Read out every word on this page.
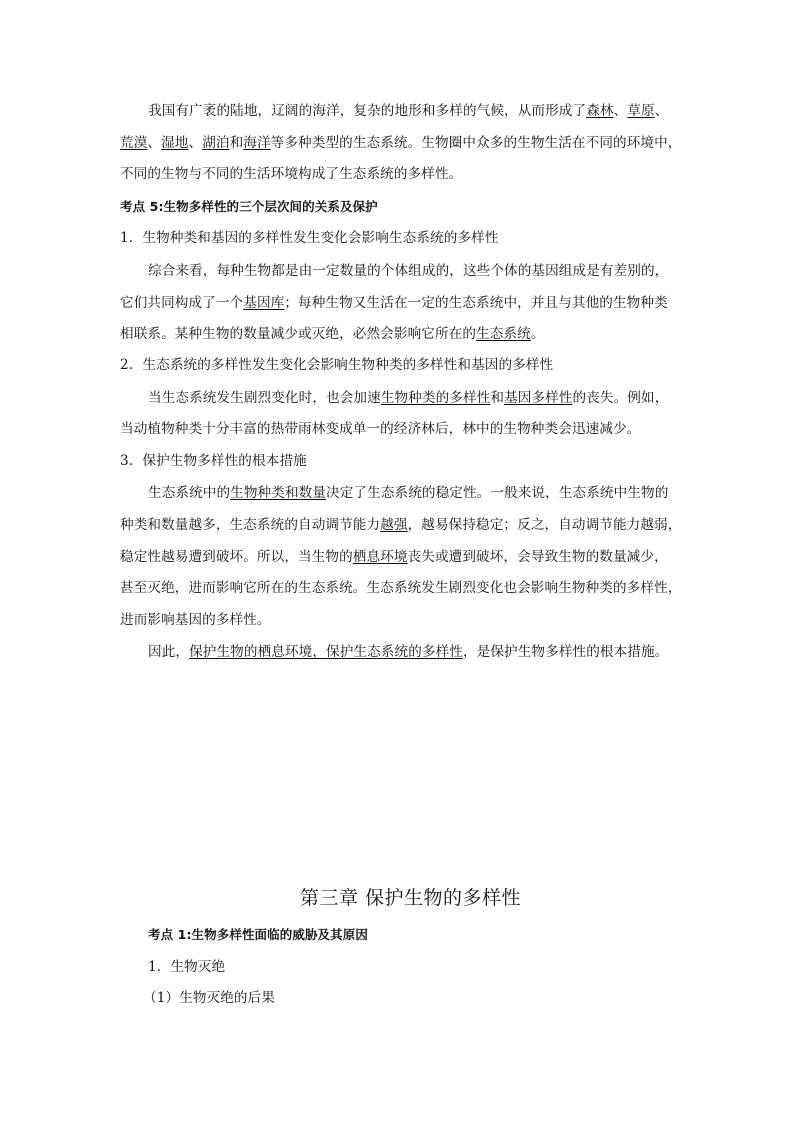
我国有广袤的陆地，辽阔的海洋，复杂的地形和多样的气候，从而形成了森林、草原、
荒漠、湿地、湖泊和海洋等多种类型的生态系统。生物圈中众多的生物生活在不同的环境中，
不同的生物与不同的生活环境构成了生态系统的多样性。
考点 5:生物多样性的三个层次间的关系及保护
1．生物种类和基因的多样性发生变化会影响生态系统的多样性
综合来看，每种生物都是由一定数量的个体组成的，这些个体的基因组成是有差别的，
它们共同构成了一个基因库；每种生物又生活在一定的生态系统中，并且与其他的生物种类
相联系。某种生物的数量减少或灭绝，必然会影响它所在的生态系统。
2．生态系统的多样性发生变化会影响生物种类的多样性和基因的多样性
当生态系统发生剧烈变化时，也会加速生物种类的多样性和基因多样性的丧失。例如，
当动植物种类十分丰富的热带雨林变成单一的经济林后，林中的生物种类会迅速减少。
3．保护生物多样性的根本措施
生态系统中的生物种类和数量决定了生态系统的稳定性。一般来说，生态系统中生物的
种类和数量越多，生态系统的自动调节能力越强，越易保持稳定；反之，自动调节能力越弱，
稳定性越易遭到破坏。所以，当生物的栖息环境丧失或遭到破坏，会导致生物的数量减少，
甚至灭绝，进而影响它所在的生态系统。生态系统发生剧烈变化也会影响生物种类的多样性，
进而影响基因的多样性。
因此，保护生物的栖息环境，保护生态系统的多样性，是保护生物多样性的根本措施。
第三章 保护生物的多样性
考点 1:生物多样性面临的威胁及其原因
1．生物灭绝
（1）生物灭绝的后果
